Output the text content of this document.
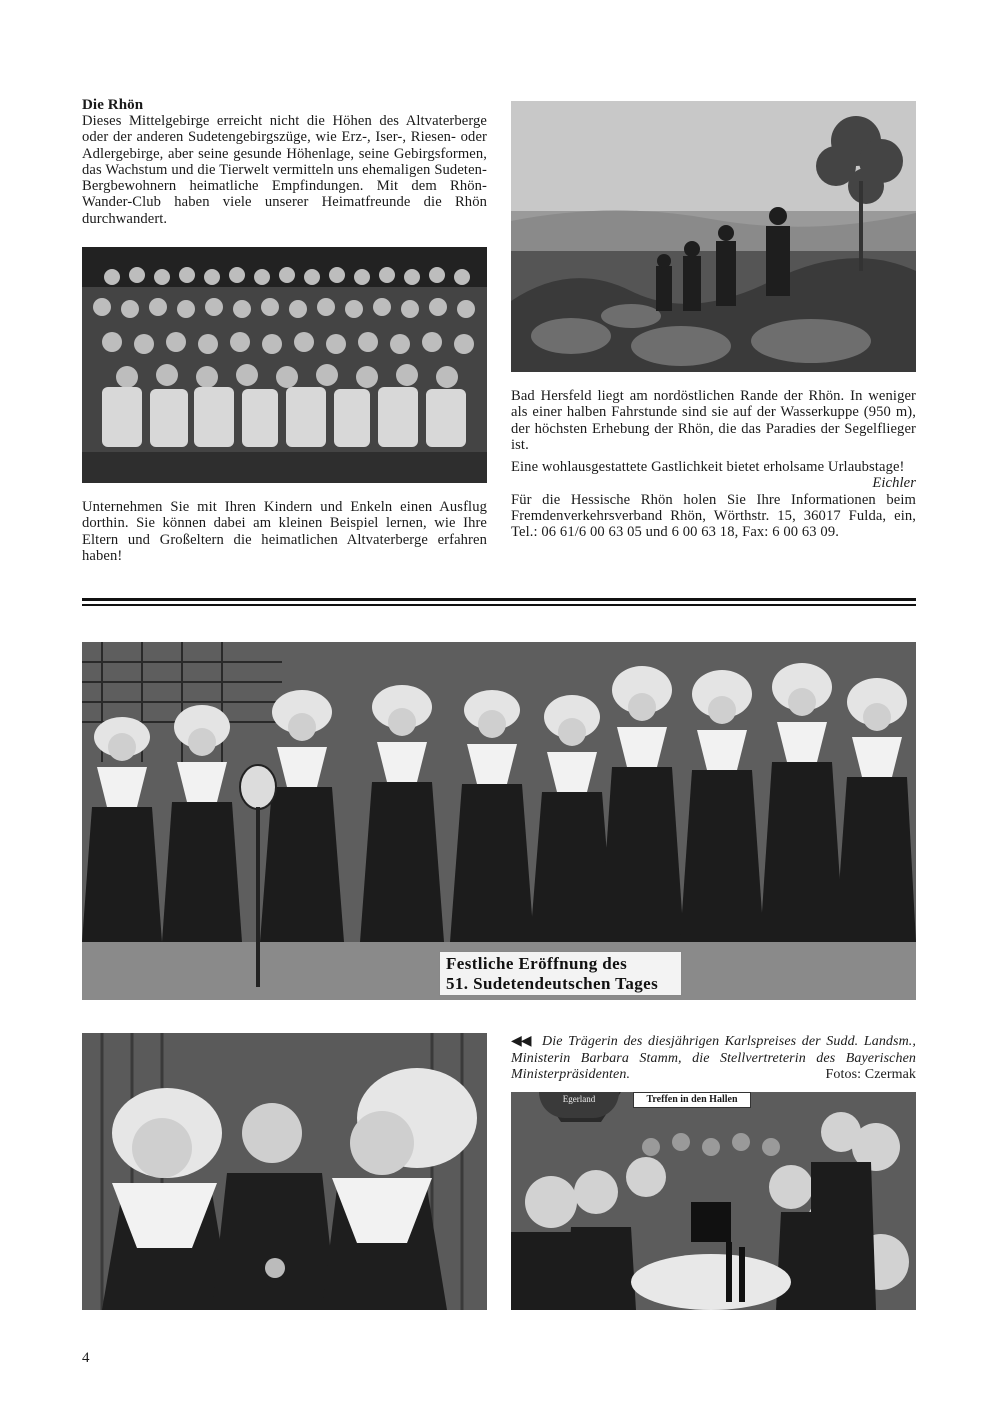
Die Rhön

Dieses Mittelgebirge erreicht nicht die Höhen des Altvaterberge oder der anderen Sudetengebirgszüge, wie Erz-, Iser-, Riesen- oder Adlergebirge, aber seine gesunde Höhenlage, seine Gebirgsformen, das Wachstum und die Tierwelt vermitteln uns ehemaligen Sudeten-Bergbewohnern heimatliche Empfindungen. Mit dem Rhön-Wander-Club haben viele unserer Heimatfreunde die Rhön durchwandert.

Unternehmen Sie mit Ihren Kindern und Enkeln einen Ausflug dorthin. Sie können dabei am kleinen Beispiel lernen, wie Ihre Eltern und Großeltern die heimatlichen Altvaterberge erfahren haben!

Bad Hersfeld liegt am nordöstlichen Rande der Rhön. In weniger als einer halben Fahrstunde sind sie auf der Wasserkuppe (950 m), der höchsten Erhebung der Rhön, die das Paradies der Segelflieger ist.

Eine wohlausgestattete Gastlichkeit bietet erholsame Urlaubstage!
Eichler

Für die Hessische Rhön holen Sie Ihre Informationen beim Fremdenverkehrsverband Rhön, Wörthstr. 15, 36017 Fulda, ein, Tel.: 06 61/6 00 63 05 und 6 00 63 18, Fax: 6 00 63 09.

Festliche Eröffnung des
51. Sudetendeutschen Tages
◀◀ Die Trägerin des diesjährigen Karlspreises der Sudd. Landsm., Ministerin Barbara Stamm, die Stellvertreterin des Bayerischen Ministerpräsidenten.	Fotos: Czermak
Egerland	Treffen in den Hallen
4
